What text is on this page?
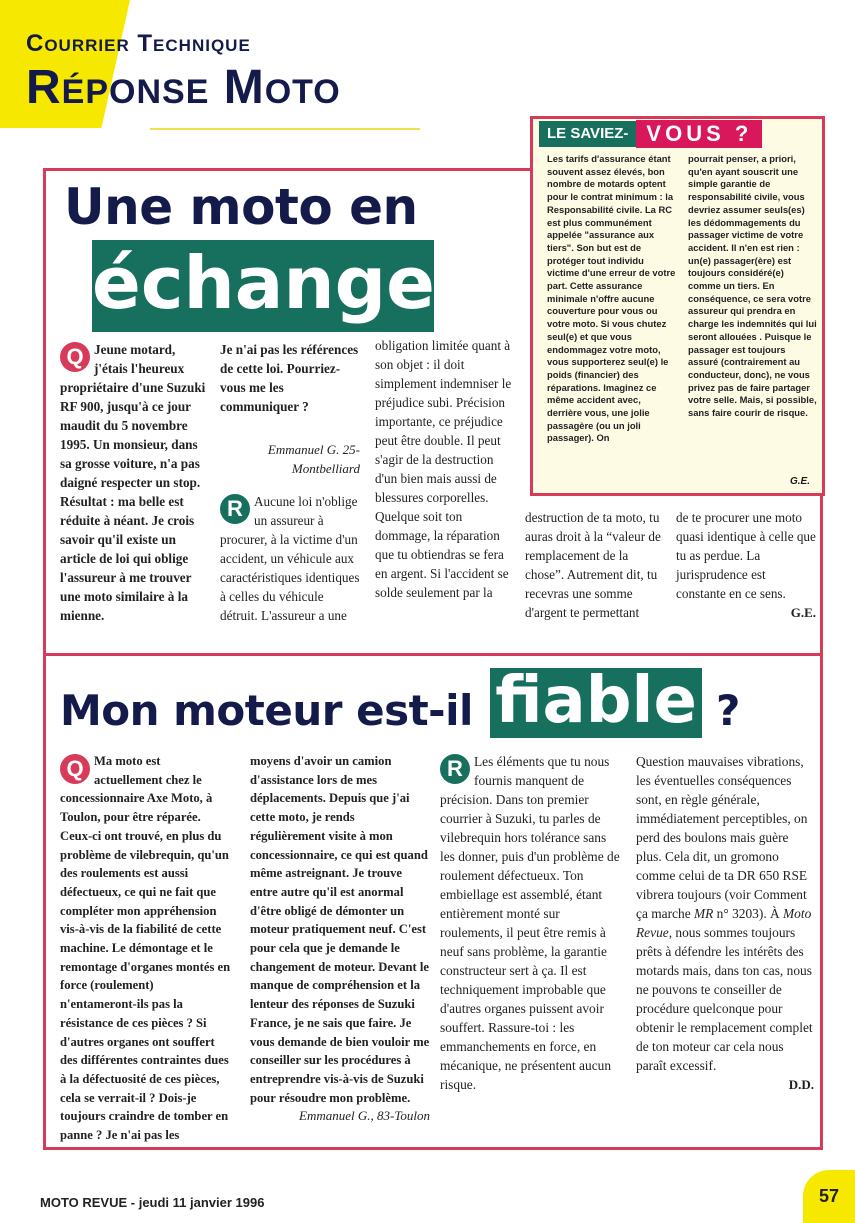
Courrier Technique
Réponse Moto
Une moto en
échange
LE SAVIEZ- VOUS ?
Les tarifs d'assurance étant souvent assez élevés, bon nombre de motards optent pour le contrat minimum : la Responsabilité civile. La RC est plus communément appelée "assurance aux tiers". Son but est de protéger tout individu victime d'une erreur de votre part. Cette assurance minimale n'offre aucune couverture pour vous ou votre moto. Si vous chutez seul(e) et que vous endommagez votre moto, vous supporterez seul(e) le poids (financier) des réparations. Imaginez ce même accident avec, derrière vous, une jolie passagère (ou un joli passager). On
pourrait penser, a priori, qu'en ayant souscrit une simple garantie de responsabilité civile, vous devriez assumer seuls(es) les dédommagements du passager victime de votre accident. Il n'en est rien : un(e) passager(ère) est toujours considéré(e) comme un tiers. En conséquence, ce sera votre assureur qui prendra en charge les indemnités qui lui seront allouées . Puisque le passager est toujours assuré (contrairement au conducteur, donc), ne vous privez pas de faire partager votre selle. Mais, si possible, sans faire courir de risque.
G.E.
Q Jeune motard, j'étais l'heureux propriétaire d'une Suzuki RF 900, jusqu'à ce jour maudit du 5 novembre 1995. Un monsieur, dans sa grosse voiture, n'a pas daigné respecter un stop. Résultat : ma belle est réduite à néant. Je crois savoir qu'il existe un article de loi qui oblige l'assureur à me trouver une moto similaire à la mienne.
Je n'ai pas les références de cette loi. Pourriez-vous me les communiquer ?
Emmanuel G. 25-Montbelliard
R Aucune loi n'oblige un assureur à procurer, à la victime d'un accident, un véhicule aux caractéristiques identiques à celles du véhicule détruit. L'assureur a une
obligation limitée quant à son objet : il doit simplement indemniser le préjudice subi. Précision importante, ce préjudice peut être double. Il peut s'agir de la destruction d'un bien mais aussi de blessures corporelles. Quelque soit ton dommage, la réparation que tu obtiendras se fera en argent. Si l'accident se solde seulement par la
destruction de ta moto, tu auras droit à la “valeur de remplacement de la chose”. Autrement dit, tu recevras une somme d'argent te permettant
de te procurer une moto quasi identique à celle que tu as perdue. La jurisprudence est constante en ce sens.
G.E.
Mon moteur est-il fiable ?
Q Ma moto est actuellement chez le concessionnaire Axe Moto, à Toulon, pour être réparée. Ceux-ci ont trouvé, en plus du problème de vilebrequin, qu'un des roulements est aussi défectueux, ce qui ne fait que compléter mon appréhension vis-à-vis de la fiabilité de cette machine. Le démontage et le remontage d'organes montés en force (roulement) n'entameront-ils pas la résistance de ces pièces ? Si d'autres organes ont souffert des différentes contraintes dues à la défectuosité de ces pièces, cela se verrait-il ? Dois-je toujours craindre de tomber en panne ? Je n'ai pas les
moyens d'avoir un camion d'assistance lors de mes déplacements. Depuis que j'ai cette moto, je rends régulièrement visite à mon concessionnaire, ce qui est quand même astreignant. Je trouve entre autre qu'il est anormal d'être obligé de démonter un moteur pratiquement neuf. C'est pour cela que je demande le changement de moteur. Devant le manque de compréhension et la lenteur des réponses de Suzuki France, je ne sais que faire. Je vous demande de bien vouloir me conseiller sur les procédures à entreprendre vis-à-vis de Suzuki pour résoudre mon problème.
Emmanuel G., 83-Toulon
R Les éléments que tu nous fournis manquent de précision. Dans ton premier courrier à Suzuki, tu parles de vilebrequin hors tolérance sans les donner, puis d'un problème de roulement défectueux. Ton embiellage est assemblé, étant entièrement monté sur roulements, il peut être remis à neuf sans problème, la garantie constructeur sert à ça. Il est techniquement improbable que d'autres organes puissent avoir souffert. Rassure-toi : les emmanchements en force, en mécanique, ne présentent aucun risque.
Question mauvaises vibrations, les éventuelles conséquences sont, en règle générale, immédiatement perceptibles, on perd des boulons mais guère plus. Cela dit, un gromono comme celui de ta DR 650 RSE vibrera toujours (voir Comment ça marche MR n° 3203). À Moto Revue, nous sommes toujours prêts à défendre les intérêts des motards mais, dans ton cas, nous ne pouvons te conseiller de procédure quelconque pour obtenir le remplacement complet de ton moteur car cela nous paraît excessif.
D.D.
MOTO REVUE - jeudi 11 janvier 1996	57
